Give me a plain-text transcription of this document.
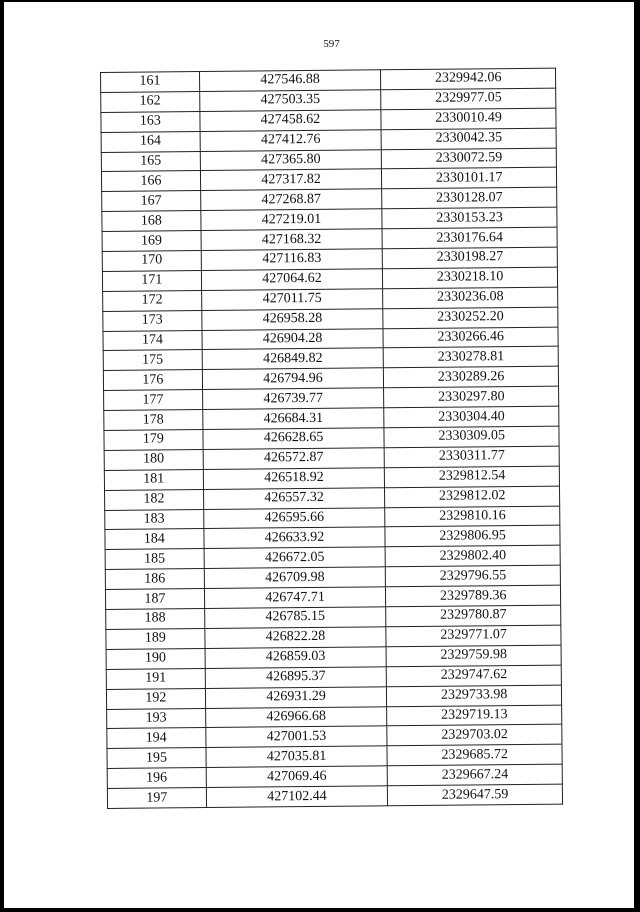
597
161	427546.88	2329942.06
162	427503.35	2329977.05
163	427458.62	2330010.49
164	427412.76	2330042.35
165	427365.80	2330072.59
166	427317.82	2330101.17
167	427268.87	2330128.07
168	427219.01	2330153.23
169	427168.32	2330176.64
170	427116.83	2330198.27
171	427064.62	2330218.10
172	427011.75	2330236.08
173	426958.28	2330252.20
174	426904.28	2330266.46
175	426849.82	2330278.81
176	426794.96	2330289.26
177	426739.77	2330297.80
178	426684.31	2330304.40
179	426628.65	2330309.05
180	426572.87	2330311.77
181	426518.92	2329812.54
182	426557.32	2329812.02
183	426595.66	2329810.16
184	426633.92	2329806.95
185	426672.05	2329802.40
186	426709.98	2329796.55
187	426747.71	2329789.36
188	426785.15	2329780.87
189	426822.28	2329771.07
190	426859.03	2329759.98
191	426895.37	2329747.62
192	426931.29	2329733.98
193	426966.68	2329719.13
194	427001.53	2329703.02
195	427035.81	2329685.72
196	427069.46	2329667.24
197	427102.44	2329647.59
